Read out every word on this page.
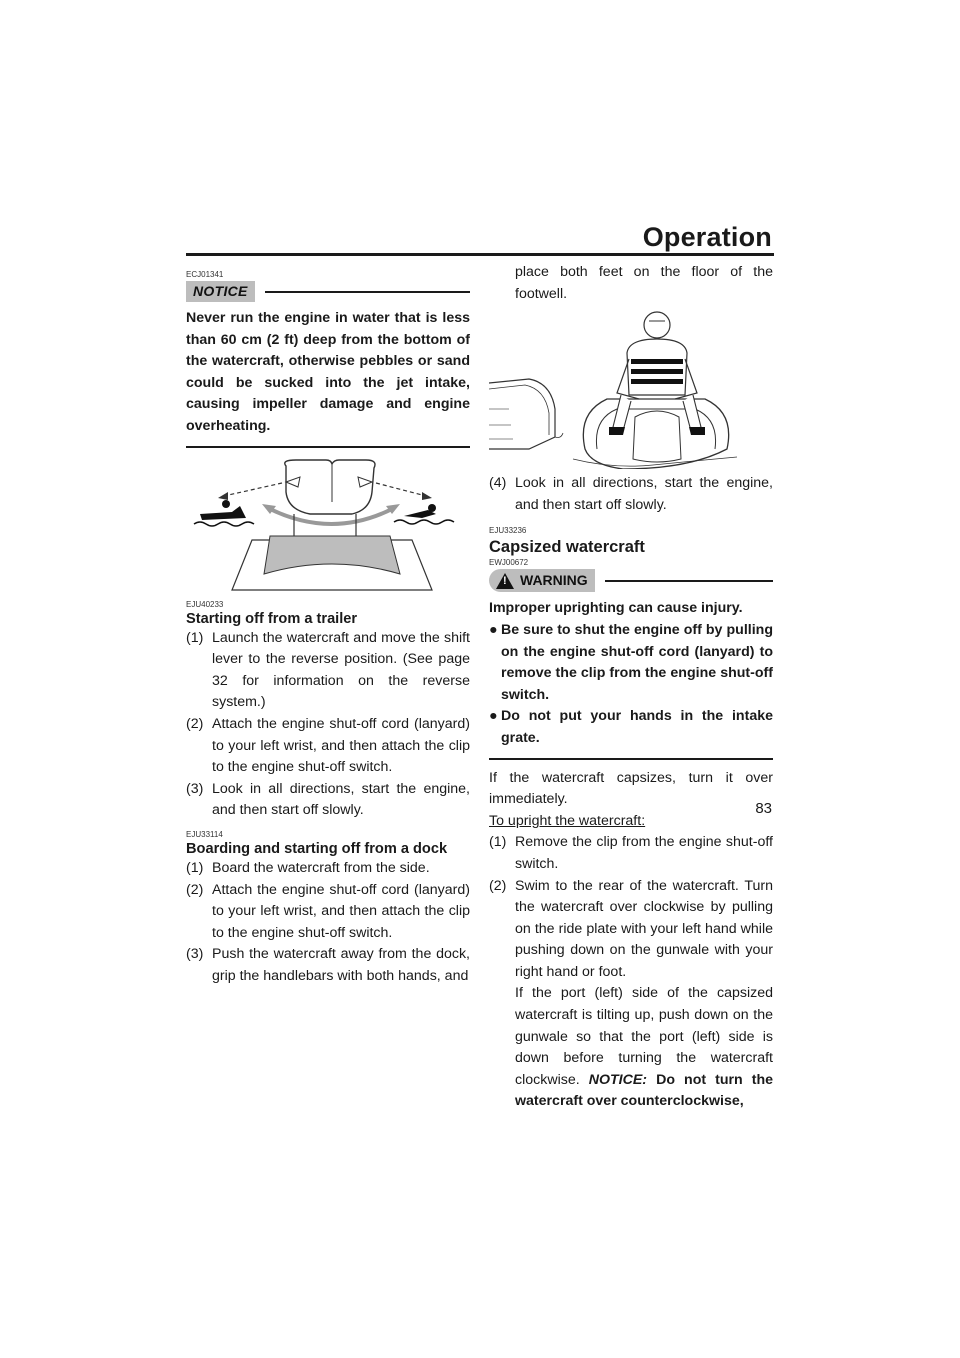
Operation
ECJ01341
NOTICE
Never run the engine in water that is less than 60 cm (2 ft) deep from the bottom of the watercraft, otherwise pebbles or sand could be sucked into the jet intake, causing impeller damage and engine overheating.
EJU40233
Starting off from a trailer
(1) Launch the watercraft and move the shift lever to the reverse position. (See page 32 for information on the reverse system.)
(2) Attach the engine shut-off cord (lanyard) to your left wrist, and then attach the clip to the engine shut-off switch.
(3) Look in all directions, start the engine, and then start off slowly.
EJU33114
Boarding and starting off from a dock
(1) Board the watercraft from the side.
(2) Attach the engine shut-off cord (lanyard) to your left wrist, and then attach the clip to the engine shut-off switch.
(3) Push the watercraft away from the dock, grip the handlebars with both hands, and
place both feet on the floor of the footwell.
(4) Look in all directions, start the engine, and then start off slowly.
EJU33236
Capsized watercraft
EWJ00672
!
WARNING
Improper uprighting can cause injury.
● Be sure to shut the engine off by pulling on the engine shut-off cord (lanyard) to remove the clip from the engine shut-off switch.
● Do not put your hands in the intake grate.
If the watercraft capsizes, turn it over immediately.
To upright the watercraft:
(1) Remove the clip from the engine shut-off switch.
(2) Swim to the rear of the watercraft. Turn the watercraft over clockwise by pulling on the ride plate with your left hand while pushing down on the gunwale with your right hand or foot.
If the port (left) side of the capsized watercraft is tilting up, push down on the gunwale so that the port (left) side is down before turning the watercraft clockwise. NOTICE: Do not turn the watercraft over counterclockwise,
83
